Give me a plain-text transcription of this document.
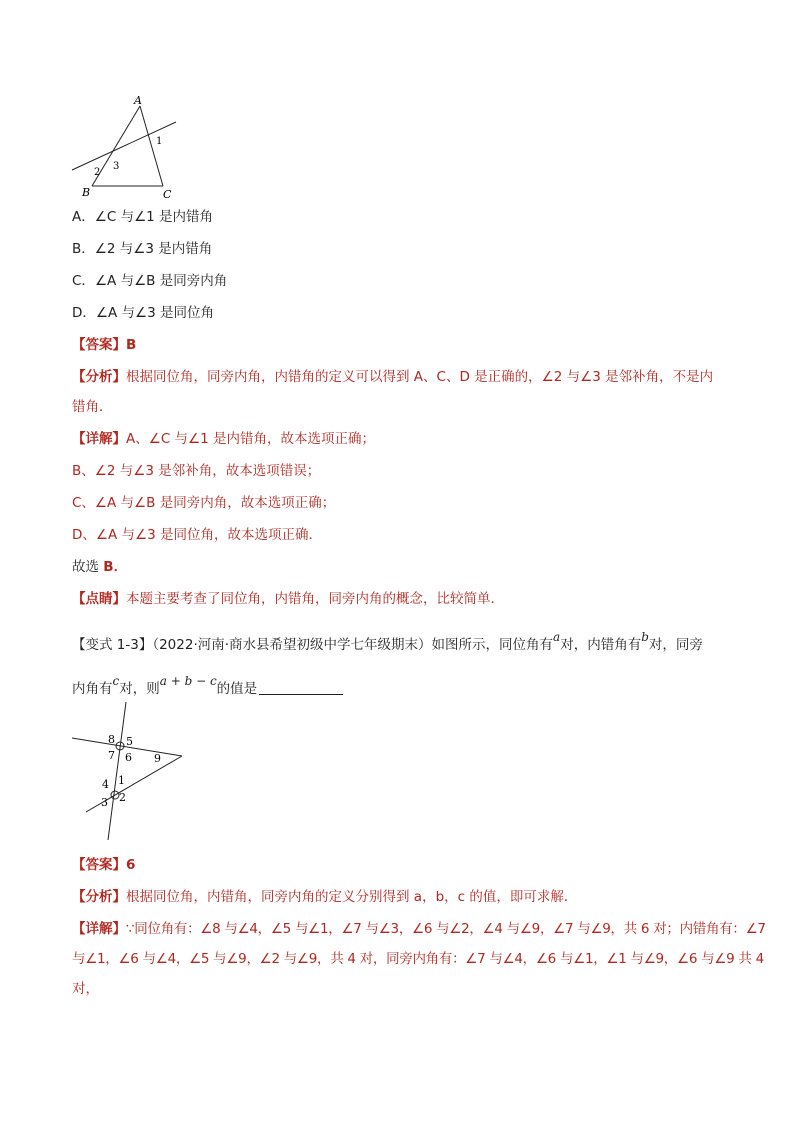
A
B	C
1
2
3
A．∠C 与∠1 是内错角
B．∠2 与∠3 是内错角
C．∠A 与∠B 是同旁内角
D．∠A 与∠3 是同位角
【答案】B
【分析】根据同位角，同旁内角，内错角的定义可以得到 A、C、D 是正确的，∠2 与∠3 是邻补角，不是内
错角．
【详解】A、∠C 与∠1 是内错角，故本选项正确；
B、∠2 与∠3 是邻补角，故本选项错误；
C、∠A 与∠B 是同旁内角，故本选项正确；
D、∠A 与∠3 是同位角，故本选项正确．
故选 B．
【点睛】本题主要考查了同位角，内错角，同旁内角的概念，比较简单．
【变式 1-3】（2022·河南·商水县希望初级中学七年级期末）如图所示，同位角有a对，内错角有b对，同旁
内角有c对，则a + b − c的值是
8 5
7 6 9
4 1
2
3
【答案】6
【分析】根据同位角，内错角，同旁内角的定义分别得到 a，b，c 的值，即可求解．
【详解】∵同位角有：∠8 与∠4，∠5 与∠1，∠7 与∠3，∠6 与∠2，∠4 与∠9，∠7 与∠9，共 6 对；内错角有：∠7
与∠1，∠6 与∠4，∠5 与∠9，∠2 与∠9，共 4 对，同旁内角有：∠7 与∠4，∠6 与∠1，∠1 与∠9，∠6 与∠9 共 4
对，
